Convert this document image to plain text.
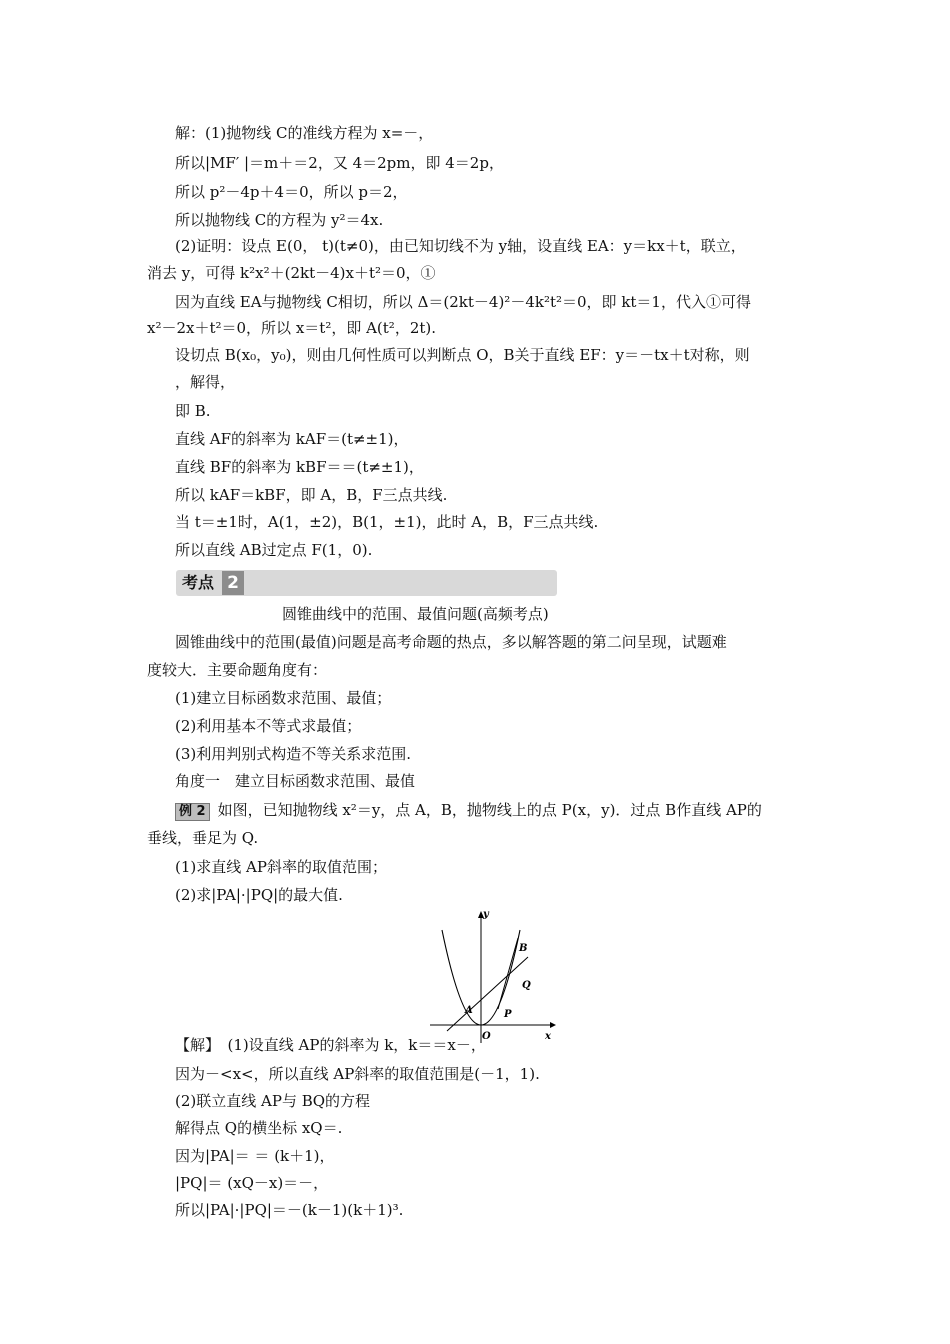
解：(1)抛物线 C的准线方程为 x=－，
所以|MF′ |＝m＋＝2，又 4＝2pm，即 4＝2p，
所以 p²－4p＋4＝0，所以 p＝2，
所以抛物线 C的方程为 y²＝4x.
(2)证明：设点 E(0， t)(t≠0)，由已知切线不为 y轴，设直线 EA：y＝kx＋t，联立，
消去 y，可得 k²x²＋(2kt－4)x＋t²＝0，①
因为直线 EA与抛物线 C相切，所以 Δ＝(2kt－4)²－4k²t²＝0，即 kt＝1，代入①可得
x²－2x＋t²＝0，所以 x＝t²，即 A(t²，2t).
设切点 B(x₀，y₀)，则由几何性质可以判断点 O，B关于直线 EF：y＝－tx＋t对称，则
，解得，
即 B.
直线 AF的斜率为 kAF＝(t≠±1)，
直线 BF的斜率为 kBF＝＝(t≠±1)，
所以 kAF＝kBF，即 A，B，F三点共线.
当 t＝±1时，A(1，±2)，B(1，±1)，此时 A，B，F三点共线.
所以直线 AB过定点 F(1，0).
考点 2
圆锥曲线中的范围、最值问题(高频考点)
圆锥曲线中的范围(最值)问题是高考命题的热点，多以解答题的第二问呈现，试题难
度较大．主要命题角度有：
(1)建立目标函数求范围、最值；
(2)利用基本不等式求最值；
(3)利用判别式构造不等关系求范围.
角度一　建立目标函数求范围、最值
例 2 如图，已知抛物线 x²＝y，点 A，B，抛物线上的点 P(x，y)．过点 B作直线 AP的
垂线，垂足为 Q.
(1)求直线 AP斜率的取值范围；
(2)求|PA|·|PQ|的最大值.
y
x
O
A
B
P
Q
【解】　(1)设直线 AP的斜率为 k，k＝＝x－，
因为－<x<，所以直线 AP斜率的取值范围是(－1，1).
(2)联立直线 AP与 BQ的方程
解得点 Q的横坐标 xQ＝.
因为|PA|＝ ＝ (k＋1)，
|PQ|＝ (xQ－x)＝－，
所以|PA|·|PQ|＝－(k－1)(k＋1)³.
